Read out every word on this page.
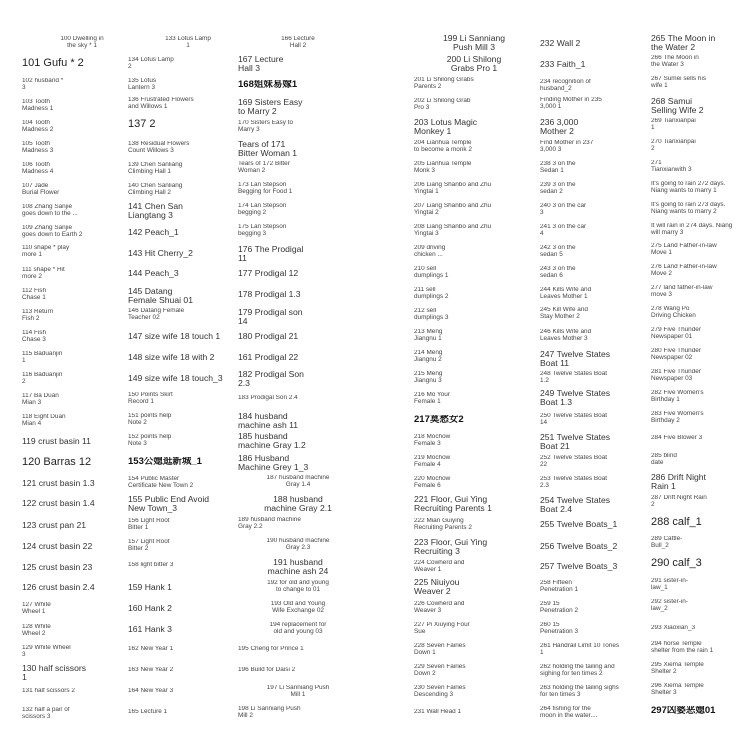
100 Dwelling in
the sky * 1
101 Gufu * 2
102 husband *
3
103 Tooth
Madness 1
104 Tooth
Madness 2
105 Tooth
Madness 3
106 Tooth
Madness 4
107 Jade
Burial Flower
108 Zhang Sanjie
goes down to the ...
109 Zhang Sanjie
goes down to Earth 2
110 shape * play
more 1
111 shape * Hit
more 2
112 Fish
Chase 1
113 Return
Fish 2
114 Fish
Chase 3
115 Baduanjin
1
116 Baduanjin
2
117 Ba Duan
Mian 3
118 Eight Duan
Mian 4
119 crust basin 11
120 Barras 12
121 crust basin 1.3
122 crust basin 1.4
123 crust pan 21
124 crust basin 22
125 crust basin 23
126 crust basin 2.4
127 White
Wheel 1
128 White
Wheel 2
129 White Wheel
3
130 half scissors
1
131 half scissors 2
132 half a pair of
scissors 3
133 Lotus Lamp
1
134 Lotus Lamp
2
135 Lotus
Lantern 3
136 Frustrated Flowers
and Willows 1
137 2
138 Residual Flowers
Count Willows 3
139 Chen Sanliang
Climbing Hall 1
140 Chen Sanliang
Climbing Hall 2
141 Chen San
Liangtang 3
142 Peach_1
143 Hit Cherry_2
144 Peach_3
145 Datang
Female Shuai 01
146 Datang Female
Teacher 02
147 size wife 18 touch 1
148 size wife 18 with 2
149 size wife 18 touch_3
150 Points Skirt
Record 1
151 points help
Note 2
152 points help
Note 3
153公媳逛新城_1
154 Public Master
Certificate New Town 2
155 Public End Avoid
New Town_3
156 Light Root
Bitter 1
157 Light Root
Bitter 2
158 light bitter 3
159 Hank 1
160 Hank 2
161 Hank 3
162 New Year 1
163 New Year 2
164 New Year 3
165 Lecture 1
166 Lecture
Hall 2
167 Lecture
Hall 3
168姐妹易嫁1
169 Sisters Easy
to Marry 2
170 Sisters Easy to
Marry 3
Tears of 171
Bitter Woman 1
Tears of 172 Bitter
Woman 2
173 Lan Stepson
Begging for Food 1
174 Lan Stepson
begging 2
175 Lan Stepson
begging 3
176 The Prodigal
11
177 Prodigal 12
178 Prodigal 1.3
179 Prodigal son
14
180 Prodigal 21
161 Prodigal 22
182 Prodigal Son
2.3
183 Prodigal Son 2.4
184 husband
machine ash 11
185 husband
machine Gray 1.2
186 Husband
Machine Grey 1_3
187 husband machine
Gray 1.4
188 husband
machine Gray 2.1
189 husband machine
Gray 2.2
190 husband machine
Gray 2.3
191 husband
machine ash 24
192 for old and young
to change to 01
193 Old and Young
Wife Exchange 02
194 replacement for
old and young 03
195 Cheng for Prince 1
196 Build for Daisi 2
197 Li Sanniang Push
Mill 1
198 Li Sanniang Push
Mill 2
199 Li Sanniang
Push Mill 3
200 Li Shilong
Grabs Pro 1
201 Li Shilong Grabs
Parents 2
202 Li Shilong Grab
Pro 3
203 Lotus Magic
Monkey 1
204 Lianhua Temple
to become a monk 2
205 Lianhua Temple
Monk 3
206 Liang Shanbo and Zhu
Yingtai 1
207 Liang Shanbo and Zhu
Yingtai 2
208 Liang Shanbo and Zhu
Yingtai 3
209 driving
chicken ...
210 sell
dumplings 1
211 sell
dumplings 2
212 sell
dumplings 3
213 Meng
Jiangnu 1
214 Meng
Jiangnu 2
215 Meng
Jiangnu 3
216 Mo Your
Female 1
217莫愁女2
218 Mochow
Female 3
219 Mochow
Female 4
220 Mochow
Female 6
221 Floor, Gui Ying
Recruiting Parents 1
222 Mian Guiying
Recruiting Parents 2
223 Floor, Gui Ying
Recruiting 3
224 Cowherd and
Weaver 1
225 Niuiyou
Weaver 2
226 Cowherd and
Weaver 3
227 Pi Xiuying Four
Sue
228 Seven Fairies
Down 1
229 Seven Fairies
Down 2
230 Seven Fairies
Descending 3
231 Wall Head 1
232 Wall 2
233 Faith_1
234 recognition of
husband_2
Finding Mother in 235
3,000 1
236 3,000
Mother 2
Find Mother in 237
3,000 3
238 3 on the
Sedan 1
239 3 on the
sedan 2
240 3 on the car
3
241 3 on the car
4
242 3 on the
sedan 5
243 3 on the
sedan 6
244 Kills Wife and
Leaves Mother 1
245 Kill Wife and
Stay Mother 2
246 Kills Wife and
Leaves Mother 3
247 Twelve States
Boat 11
248 Twelve States Boat
1.2
249 Twelve States
Boat 1.3
250 Twelve States Boat
14
251 Twelve States
Boat 21
252 Twelve States Boat
22
253 Twelve States Boat
2.3
254 Twelve States
Boat 2.4
255 Twelve Boats_1
256 Twelve Boats_2
257 Twelve Boats_3
258 Fifteen
Penetration 1
259 15
Penetration 2
260 15
Penetration 3
261 Handrail Limit 10 Tones
1
262 holding the tailing and
sighing for ten times 2
263 holding the tailing sighs
for ten times 3
264 fishing for the
moon in the water....
265 The Moon in
the Water 2
266 The Moon in
the Water 3
267 Sumei sells his
wife 1
268 Samui
Selling Wife 2
269 Tianxianpai
1
270 Tianxianpai
2
271
Tianxianwith 3
It's going to rain 272 days.
Niang wants to marry 1
It's going to rain 273 days.
Niang wants to marry 2
It will rain in 274 days. Niang
will marry 3
275 Land Father-in-law
Move 1
276 Land Father-in-law
Move 2
277 land father-in-law
move 3
278 Wang Po
Driving Chicken
279 Five Thunder
Newspaper 01
280 Five Thunder
Newspaper 02
281 Five Thunder
Newspaper 03
282 Five Women's
Birthday 1
283 Five Women's
Birthday 2
284 Five Blower 3
285 blind
date
286 Drift Night
Rain 1
287 Drift Night Rain
2
288 calf_1
289 Cattle-
Bull_2
290 calf_3
291 sister-in-
law_1
292 sister-in-
law_2
293 Xiaoxian_3
294 horse Temple
shelter from the rain 1
295 Xiema Temple
Shelter 2
296 Xiema Temple
Shelter 3
297凶婆恶媳01
